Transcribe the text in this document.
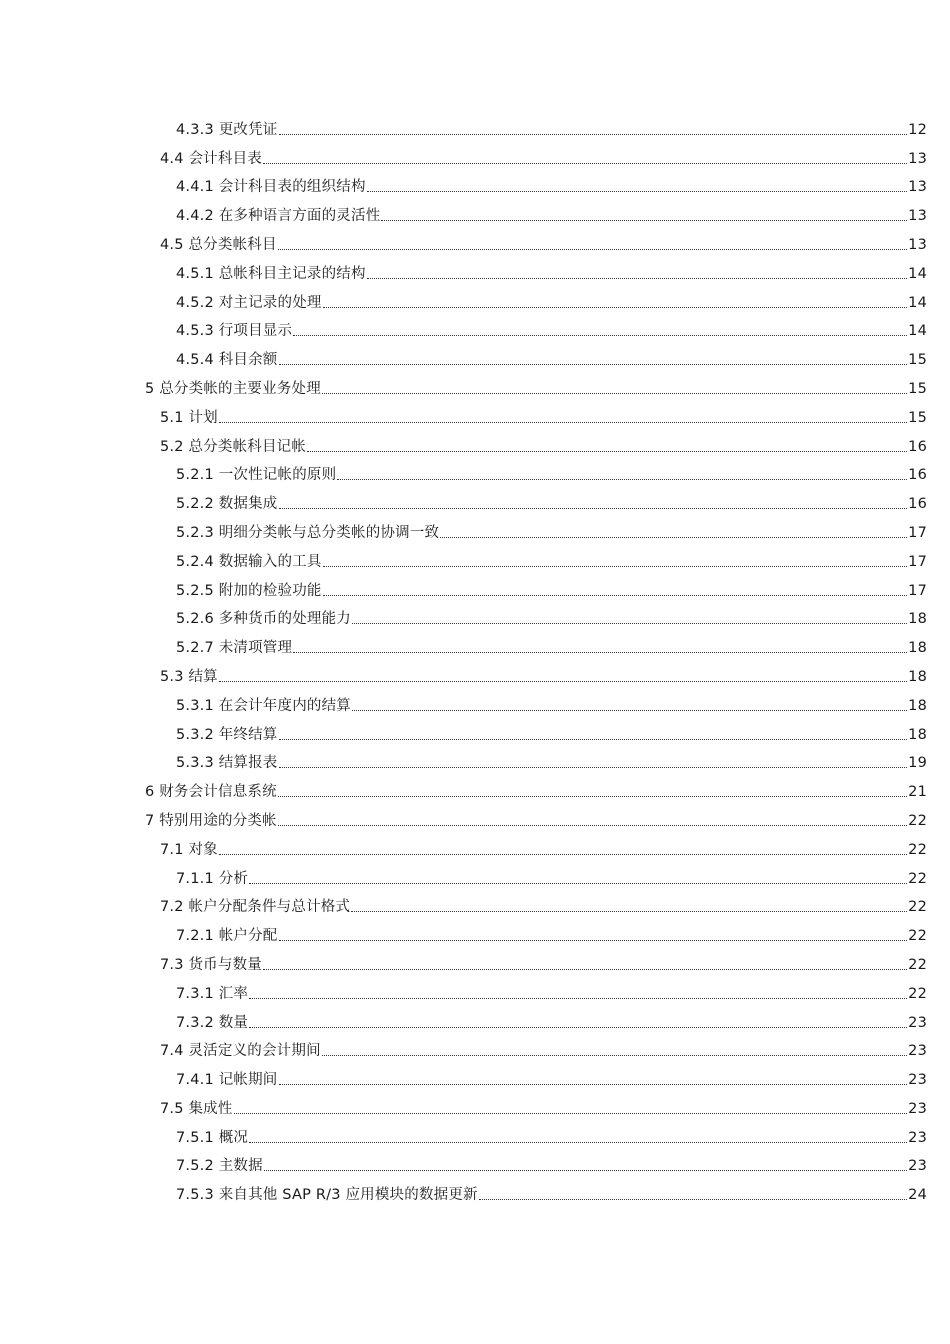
4.3.3 更改凭证	12
4.4 会计科目表	13
4.4.1 会计科目表的组织结构	13
4.4.2 在多种语言方面的灵活性	13
4.5 总分类帐科目	13
4.5.1 总帐科目主记录的结构	14
4.5.2 对主记录的处理	14
4.5.3 行项目显示	14
4.5.4 科目余额	15
5 总分类帐的主要业务处理	15
5.1 计划	15
5.2 总分类帐科目记帐	16
5.2.1 一次性记帐的原则	16
5.2.2 数据集成	16
5.2.3 明细分类帐与总分类帐的协调一致	17
5.2.4 数据输入的工具	17
5.2.5 附加的检验功能	17
5.2.6 多种货币的处理能力	18
5.2.7 未清项管理	18
5.3 结算	18
5.3.1 在会计年度内的结算	18
5.3.2 年终结算	18
5.3.3 结算报表	19
6 财务会计信息系统	21
7 特别用途的分类帐	22
7.1 对象	22
7.1.1 分析	22
7.2 帐户分配条件与总计格式	22
7.2.1 帐户分配	22
7.3 货币与数量	22
7.3.1 汇率	22
7.3.2 数量	23
7.4 灵活定义的会计期间	23
7.4.1 记帐期间	23
7.5 集成性	23
7.5.1 概况	23
7.5.2 主数据	23
7.5.3 来自其他 SAP R/3 应用模块的数据更新	24
